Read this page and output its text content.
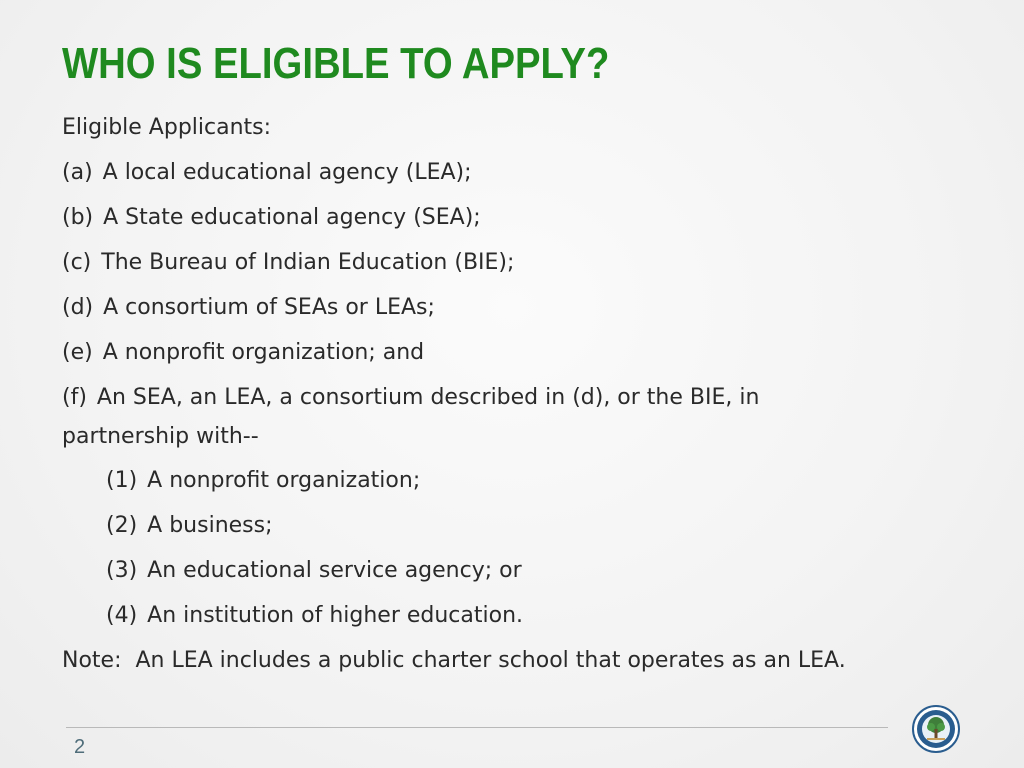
WHO IS ELIGIBLE TO APPLY?
Eligible Applicants:
(a) A local educational agency (LEA);
(b) A State educational agency (SEA);
(c) The Bureau of Indian Education (BIE);
(d) A consortium of SEAs or LEAs;
(e) A nonprofit organization; and
(f) An SEA, an LEA, a consortium described in (d), or the BIE, in
partnership with--
(1) A nonprofit organization;
(2) A business;
(3) An educational service agency; or
(4) An institution of higher education.
Note:  An LEA includes a public charter school that operates as an LEA.
2
